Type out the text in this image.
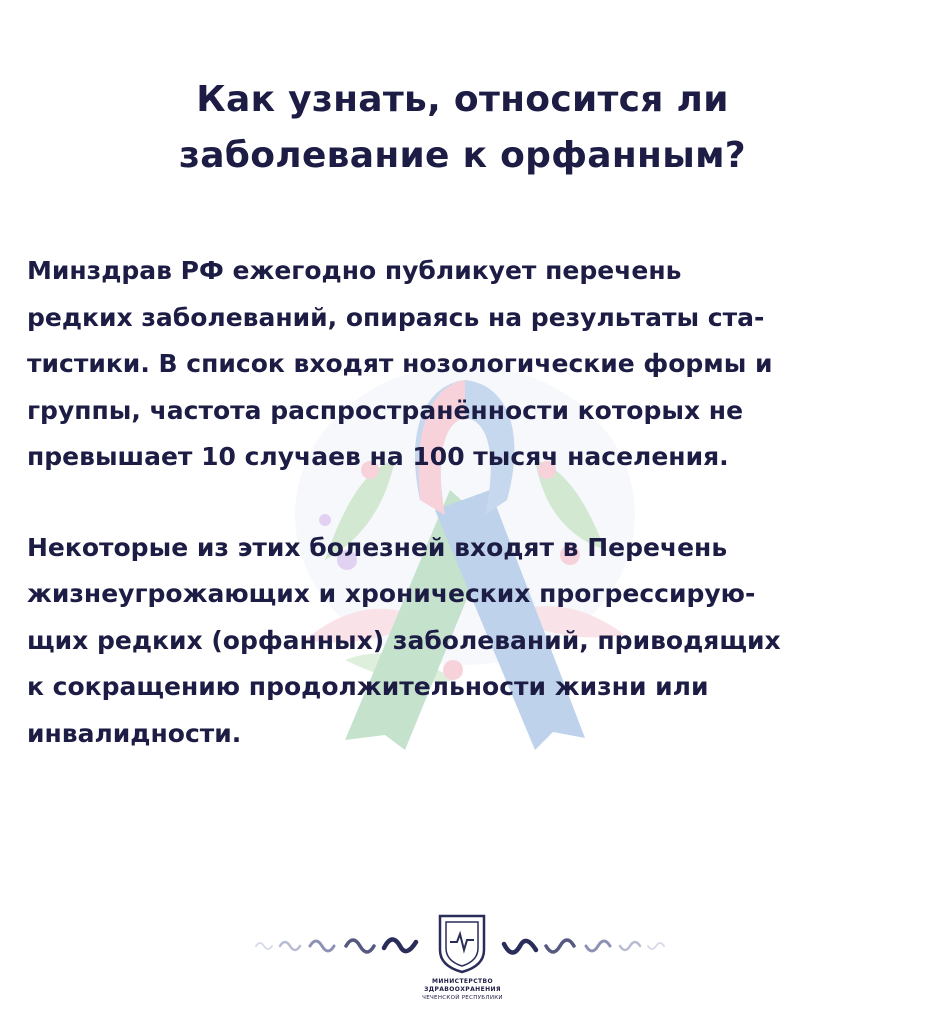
Как узнать, относится ли
заболевание к орфанным?
Минздрав РФ ежегодно публикует перечень
редких заболеваний, опираясь на результаты ста-
тистики. В список входят нозологические формы и
группы, частота распространённости которых не
превышает 10 случаев на 100 тысяч населения.
Некоторые из этих болезней входят в Перечень
жизнеугрожающих и хронических прогрессирую-
щих редких (орфанных) заболеваний, приводящих
к сокращению продолжительности жизни или
инвалидности.
МИНИСТЕРСТВО
ЗДРАВООХРАНЕНИЯ
ЧЕЧЕНСКОЙ РЕСПУБЛИКИ
